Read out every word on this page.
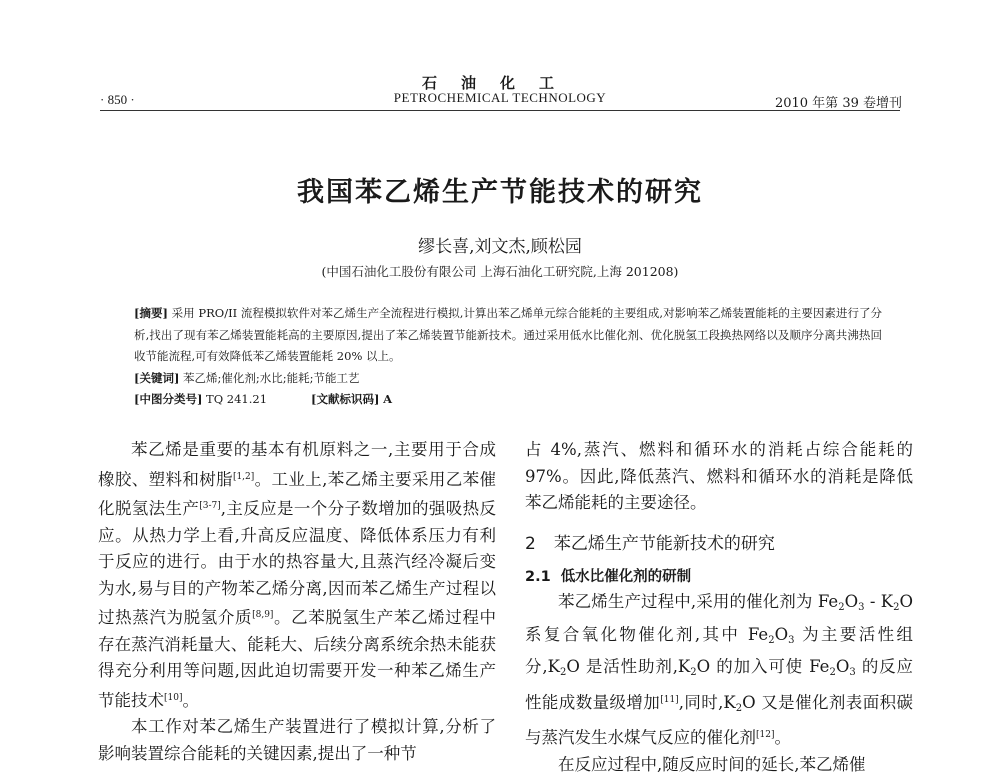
石油化工
PETROCHEMICAL TECHNOLOGY
· 850 ·	2010 年第 39 卷增刊
我国苯乙烯生产节能技术的研究
缪长喜,刘文杰,顾松园
(中国石油化工股份有限公司 上海石油化工研究院,上海 201208)

[摘要] 采用 PRO/II 流程模拟软件对苯乙烯生产全流程进行模拟,计算出苯乙烯单元综合能耗的主要组成,对影响苯乙烯装置能耗的主要因素进行了分析,找出了现有苯乙烯装置能耗高的主要原因,提出了苯乙烯装置节能新技术。通过采用低水比催化剂、优化脱氢工段换热网络以及顺序分离共沸热回收节能流程,可有效降低苯乙烯装置能耗 20% 以上。

[关键词] 苯乙烯;催化剂;水比;能耗;节能工艺
[中图分类号] TQ 241.21	[文献标识码] A

苯乙烯是重要的基本有机原料之一,主要用于合成橡胶、塑料和树脂[1,2]。工业上,苯乙烯主要采用乙苯催化脱氢法生产[3-7],主反应是一个分子数增加的强吸热反应。从热力学上看,升高反应温度、降低体系压力有利于反应的进行。由于水的热容量大,且蒸汽经冷凝后变为水,易与目的产物苯乙烯分离,因而苯乙烯生产过程以过热蒸汽为脱氢介质[8,9]。乙苯脱氢生产苯乙烯过程中存在蒸汽消耗量大、能耗大、后续分离系统余热未能获得充分利用等问题,因此迫切需要开发一种苯乙烯生产节能技术[10]。

本工作对苯乙烯生产装置进行了模拟计算,分析了影响装置综合能耗的关键因素,提出了一种节

占 4%,蒸汽、燃料和循环水的消耗占综合能耗的 97%。因此,降低蒸汽、燃料和循环水的消耗是降低苯乙烯能耗的主要途径。

2 苯乙烯生产节能新技术的研究
2.1 低水比催化剂的研制

苯乙烯生产过程中,采用的催化剂为 $Fe_2O_3 - K_2O$ 系复合氧化物催化剂,其中 $Fe_2O_3$ 为主要活性组分$,K_2O$ 是活性助剂$,K_2O$ 的加入可使 $Fe_2O_3$ 的反应性能成数量级增加[11],同时$,K_2O$ 又是催化剂表面积碳与蒸汽发生水煤气反应的催化剂[12]。

在反应过程中,随反应时间的延长,苯乙烯催
